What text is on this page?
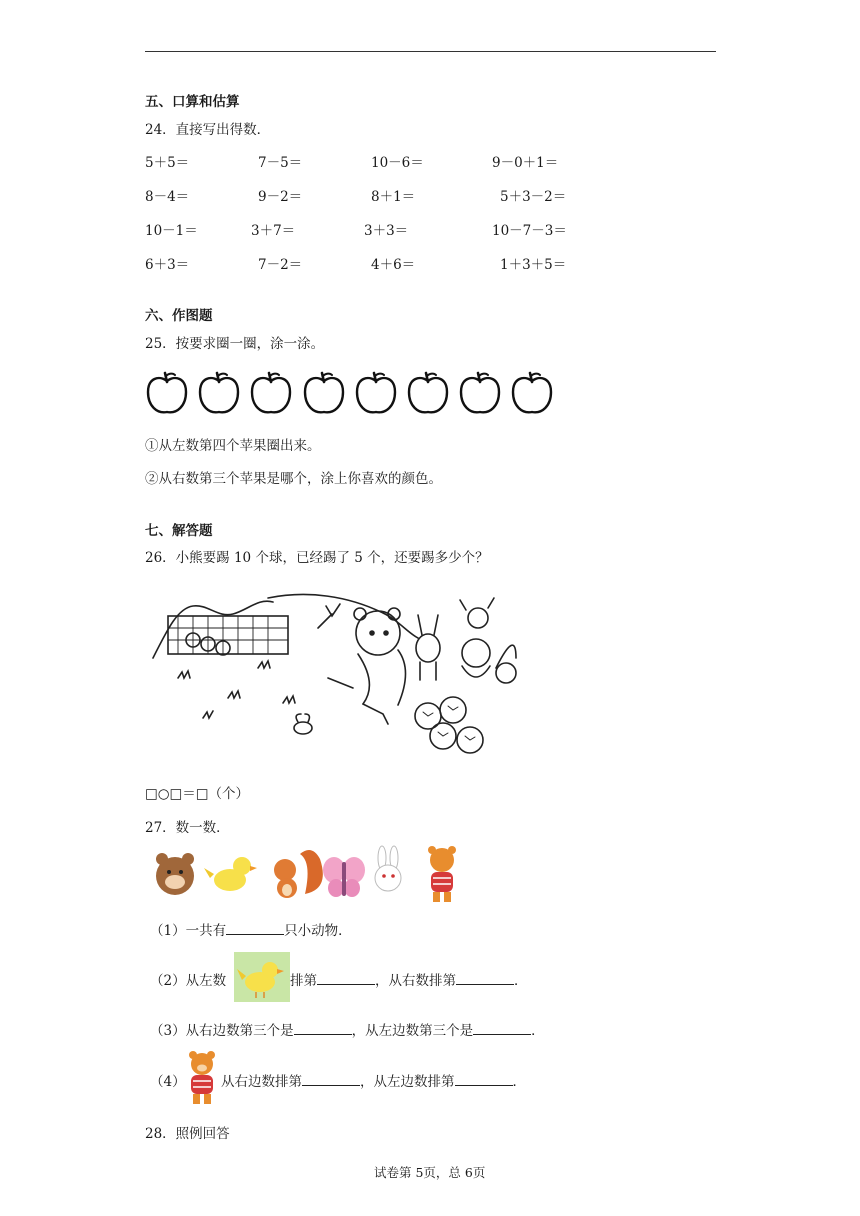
五、口算和估算
24．直接写出得数．
5＋5＝	7－5＝	10－6＝	9－0＋1＝
8－4＝	9－2＝	8＋1＝	5＋3－2＝
10－1＝	3＋7＝	3＋3＝	10－7－3＝
6＋3＝	7－2＝	4＋6＝	1＋3＋5＝
六、作图题
25．按要求圈一圈，涂一涂。
①从左数第四个苹果圈出来。
②从右数第三个苹果是哪个，涂上你喜欢的颜色。
七、解答题
26．小熊要踢 10 个球，已经踢了 5 个，还要踢多少个？
□○□＝□（个）
27．数一数．
（1）一共有	只小动物．
（2）从左数	排第	，从右数排第	．
（3）从右边数第三个是	，从左边数第三个是	．
（4）	从右边数排第	，从左边数排第	．
28．照例回答
试卷第 5页，总 6页
